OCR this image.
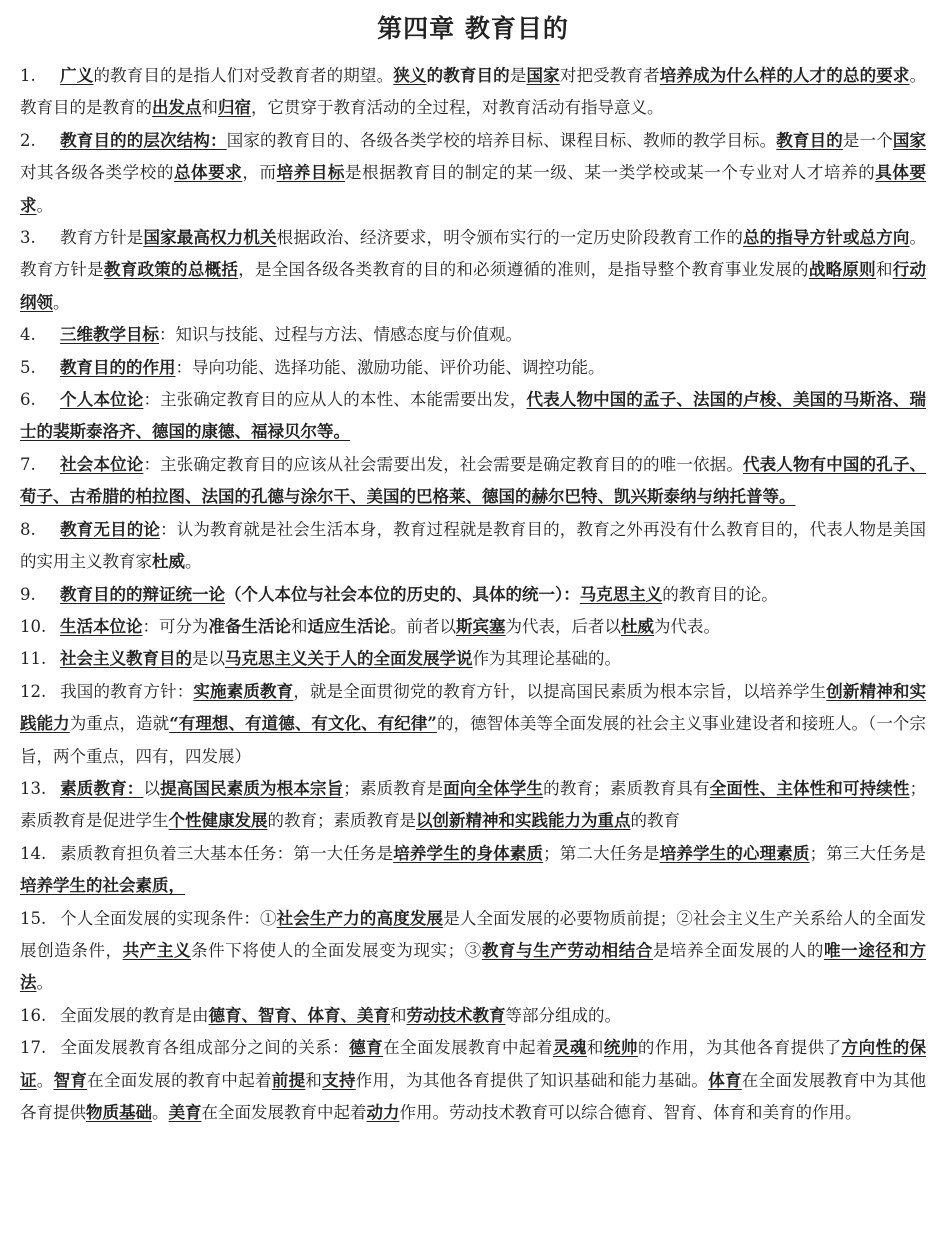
第四章 教育目的

1. 广义的教育目的是指人们对受教育者的期望。狭义的教育目的是国家对把受教育者培养成为什么样的人才的总的要求。教育目的是教育的出发点和归宿，它贯穿于教育活动的全过程，对教育活动有指导意义。

2. 教育目的的层次结构：国家的教育目的、各级各类学校的培养目标、课程目标、教师的教学目标。教育目的是一个国家对其各级各类学校的总体要求，而培养目标是根据教育目的制定的某一级、某一类学校或某一个专业对人才培养的具体要求。

3. 教育方针是国家最高权力机关根据政治、经济要求，明令颁布实行的一定历史阶段教育工作的总的指导方针或总方向。教育方针是教育政策的总概括，是全国各级各类教育的目的和必须遵循的准则，是指导整个教育事业发展的战略原则和行动纲领。

4. 三维教学目标：知识与技能、过程与方法、情感态度与价值观。

5. 教育目的的作用：导向功能、选择功能、激励功能、评价功能、调控功能。

6. 个人本位论：主张确定教育目的应从人的本性、本能需要出发，代表人物中国的孟子、法国的卢梭、美国的马斯洛、瑞士的裴斯泰洛齐、德国的康德、福禄贝尔等。

7. 社会本位论：主张确定教育目的应该从社会需要出发，社会需要是确定教育目的的唯一依据。代表人物有中国的孔子、荀子、古希腊的柏拉图、法国的孔德与涂尔干、美国的巴格莱、德国的赫尔巴特、凯兴斯泰纳与纳托普等。

8. 教育无目的论：认为教育就是社会生活本身，教育过程就是教育目的，教育之外再没有什么教育目的，代表人物是美国的实用主义教育家杜威。

9. 教育目的的辩证统一论（个人本位与社会本位的历史的、具体的统一）：马克思主义的教育目的论。

10. 生活本位论：可分为准备生活论和适应生活论。前者以斯宾塞为代表，后者以杜威为代表。

11. 社会主义教育目的是以马克思主义关于人的全面发展学说作为其理论基础的。

12. 我国的教育方针：实施素质教育，就是全面贯彻党的教育方针，以提高国民素质为根本宗旨，以培养学生创新精神和实践能力为重点，造就“有理想、有道德、有文化、有纪律”的，德智体美等全面发展的社会主义事业建设者和接班人。（一个宗旨，两个重点，四有，四发展）

13. 素质教育：以提高国民素质为根本宗旨；素质教育是面向全体学生的教育；素质教育具有全面性、主体性和可持续性；素质教育是促进学生个性健康发展的教育；素质教育是以创新精神和实践能力为重点的教育

14. 素质教育担负着三大基本任务：第一大任务是培养学生的身体素质；第二大任务是培养学生的心理素质；第三大任务是培养学生的社会素质，

15. 个人全面发展的实现条件：①社会生产力的高度发展是人全面发展的必要物质前提；②社会主义生产关系给人的全面发展创造条件，共产主义条件下将使人的全面发展变为现实；③教育与生产劳动相结合是培养全面发展的人的唯一途径和方法。

16. 全面发展的教育是由德育、智育、体育、美育和劳动技术教育等部分组成的。

17. 全面发展教育各组成部分之间的关系：德育在全面发展教育中起着灵魂和统帅的作用，为其他各育提供了方向性的保证。智育在全面发展的教育中起着前提和支持作用，为其他各育提供了知识基础和能力基础。体育在全面发展教育中为其他各育提供物质基础。美育在全面发展教育中起着动力作用。劳动技术教育可以综合德育、智育、体育和美育的作用。
